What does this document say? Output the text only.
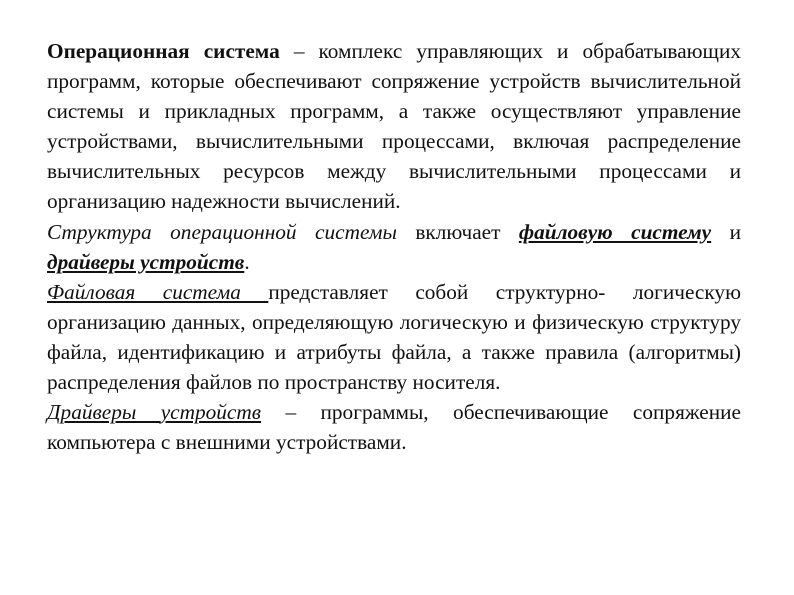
Операционная система – комплекс управляющих и обрабатывающих программ, которые обеспечивают сопряжение устройств вычислительной системы и прикладных программ, а также осуществляют управление устройствами, вычислительными процессами, включая распределение вычислительных ресурсов между вычислительными процессами и организацию надежности вычислений.

Структура операционной системы включает файловую систему и драйверы устройств.

Файловая система представляет собой структурно- логическую организацию данных, определяющую логическую и физическую структуру файла, идентификацию и атрибуты файла, а также правила (алгоритмы) распределения файлов по пространству носителя.

Драйверы устройств – программы, обеспечивающие сопряжение компьютера с внешними устройствами.
